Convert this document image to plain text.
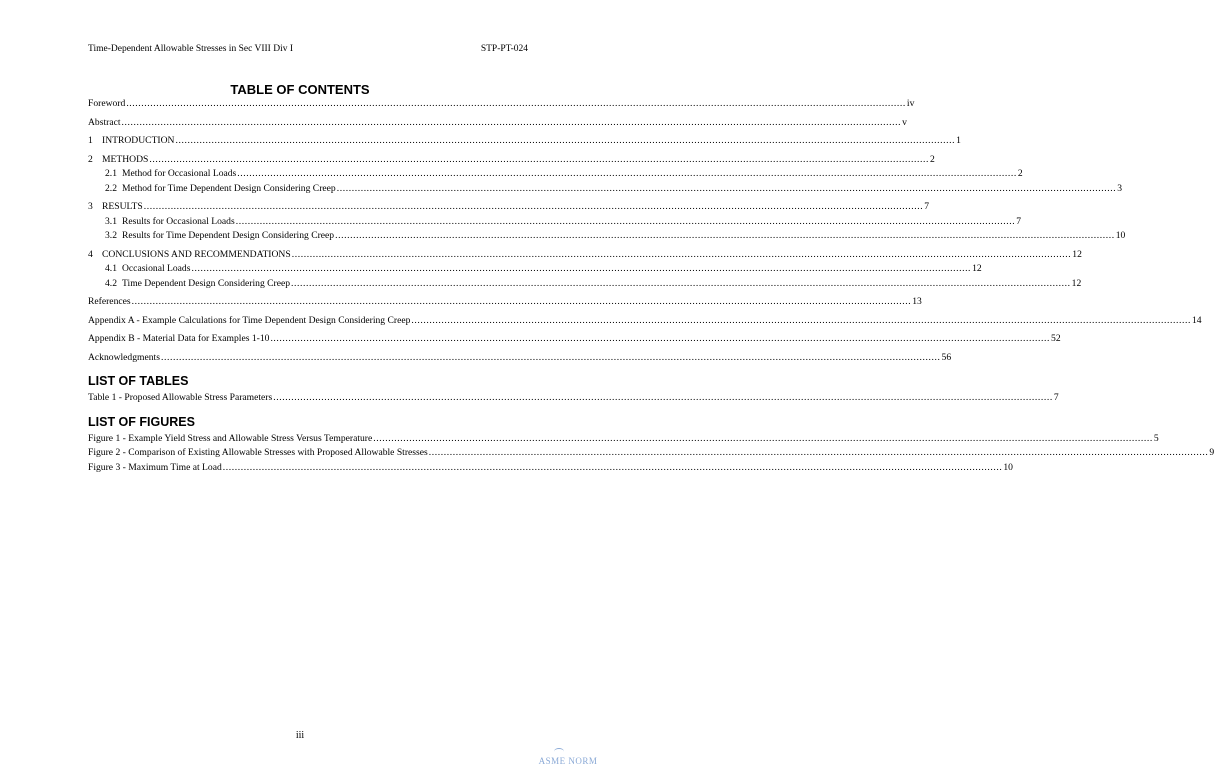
Time-Dependent Allowable Stresses in Sec VIII Div I	STP-PT-024
TABLE OF CONTENTS
Foreword .................................................................................................................................................................................................................................................................... iv
Abstract .................................................................................................................................................................................................................................................................... v
1 INTRODUCTION .................................................................................................................................................................................................................................................................... 1
2 METHODS .................................................................................................................................................................................................................................................................... 2
2.1 Method for Occasional Loads .................................................................................................................................................................................................................................................................... 2
2.2 Method for Time Dependent Design Considering Creep .................................................................................................................................................................................................................................................................... 3
3 RESULTS .................................................................................................................................................................................................................................................................... 7
3.1 Results for Occasional Loads .................................................................................................................................................................................................................................................................... 7
3.2 Results for Time Dependent Design Considering Creep .................................................................................................................................................................................................................................................................... 10
4 CONCLUSIONS AND RECOMMENDATIONS .................................................................................................................................................................................................................................................................... 12
4.1 Occasional Loads .................................................................................................................................................................................................................................................................... 12
4.2 Time Dependent Design Considering Creep .................................................................................................................................................................................................................................................................... 12
References .................................................................................................................................................................................................................................................................... 13
Appendix A - Example Calculations for Time Dependent Design Considering Creep .................................................................................................................................................................................................................................................................... 14
Appendix B - Material Data for Examples 1-10 .................................................................................................................................................................................................................................................................... 52
Acknowledgments .................................................................................................................................................................................................................................................................... 56
LIST OF TABLES
Table 1 - Proposed Allowable Stress Parameters .................................................................................................................................................................................................................................................................... 7
LIST OF FIGURES
Figure 1 - Example Yield Stress and Allowable Stress Versus Temperature .................................................................................................................................................................................................................................................................... 5
Figure 2 - Comparison of Existing Allowable Stresses with Proposed Allowable Stresses .................................................................................................................................................................................................................................................................... 9
Figure 3 - Maximum Time at Load .................................................................................................................................................................................................................................................................... 10
iii
ASME NORM
